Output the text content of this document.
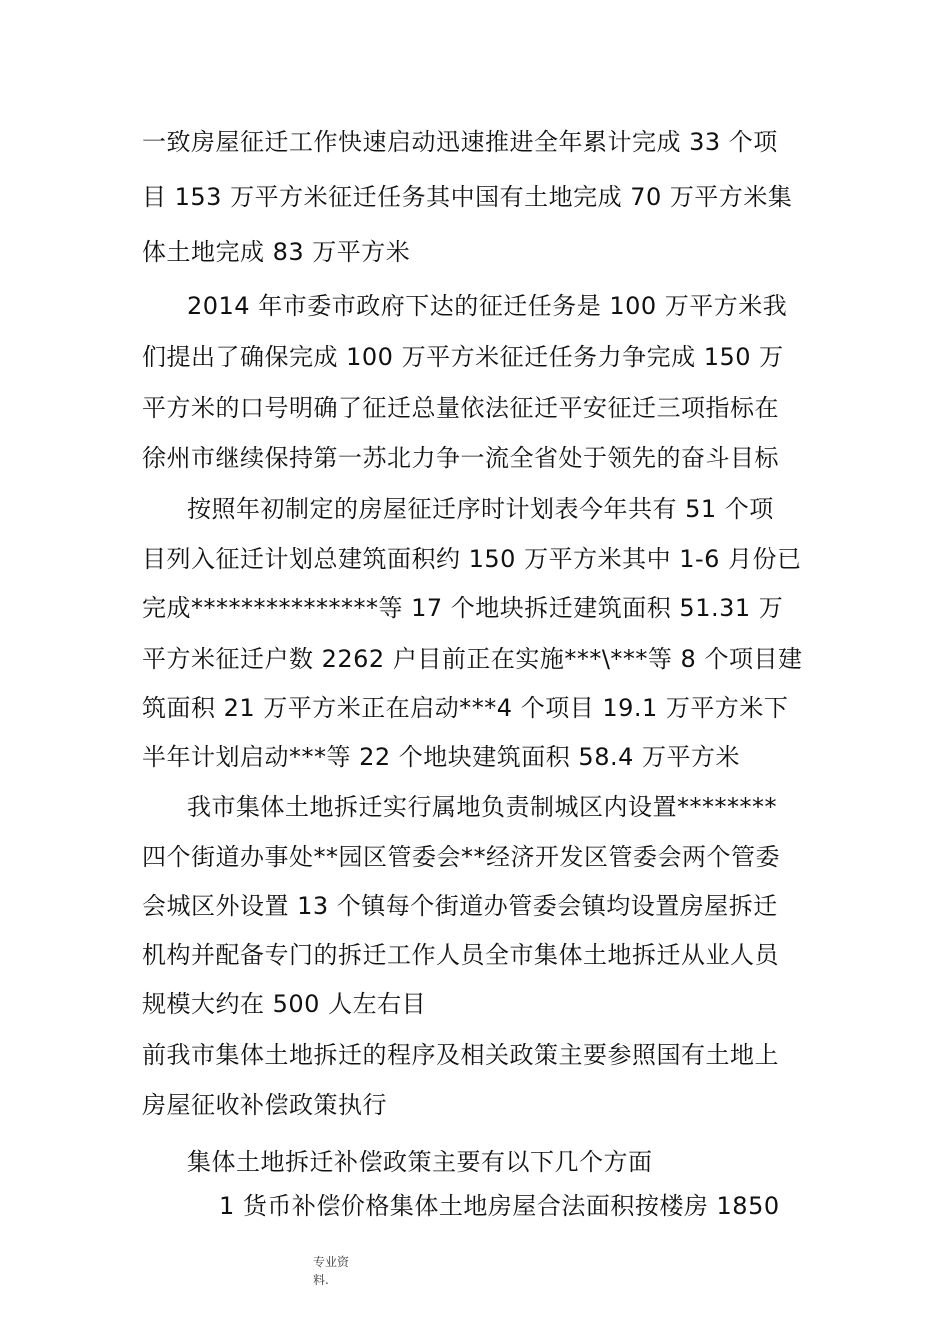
一致房屋征迁工作快速启动迅速推进全年累计完成 33 个项
目 153 万平方米征迁任务其中国有土地完成 70 万平方米集
体土地完成 83 万平方米
2014 年市委市政府下达的征迁任务是 100 万平方米我
们提出了确保完成 100 万平方米征迁任务力争完成 150 万
平方米的口号明确了征迁总量依法征迁平安征迁三项指标在
徐州市继续保持第一苏北力争一流全省处于领先的奋斗目标
按照年初制定的房屋征迁序时计划表今年共有 51 个项
目列入征迁计划总建筑面积约 150 万平方米其中 1-6 月份已
完成***************等 17 个地块拆迁建筑面积 51.31 万
平方米征迁户数 2262 户目前正在实施***\***等 8 个项目建
筑面积 21 万平方米正在启动***4 个项目 19.1 万平方米下
半年计划启动***等 22 个地块建筑面积 58.4 万平方米
我市集体土地拆迁实行属地负责制城区内设置********
四个街道办事处**园区管委会**经济开发区管委会两个管委
会城区外设置 13 个镇每个街道办管委会镇均设置房屋拆迁
机构并配备专门的拆迁工作人员全市集体土地拆迁从业人员
规模大约在 500 人左右目
前我市集体土地拆迁的程序及相关政策主要参照国有土地上
房屋征收补偿政策执行
集体土地拆迁补偿政策主要有以下几个方面
1 货币补偿价格集体土地房屋合法面积按楼房 1850
专业资
料.
